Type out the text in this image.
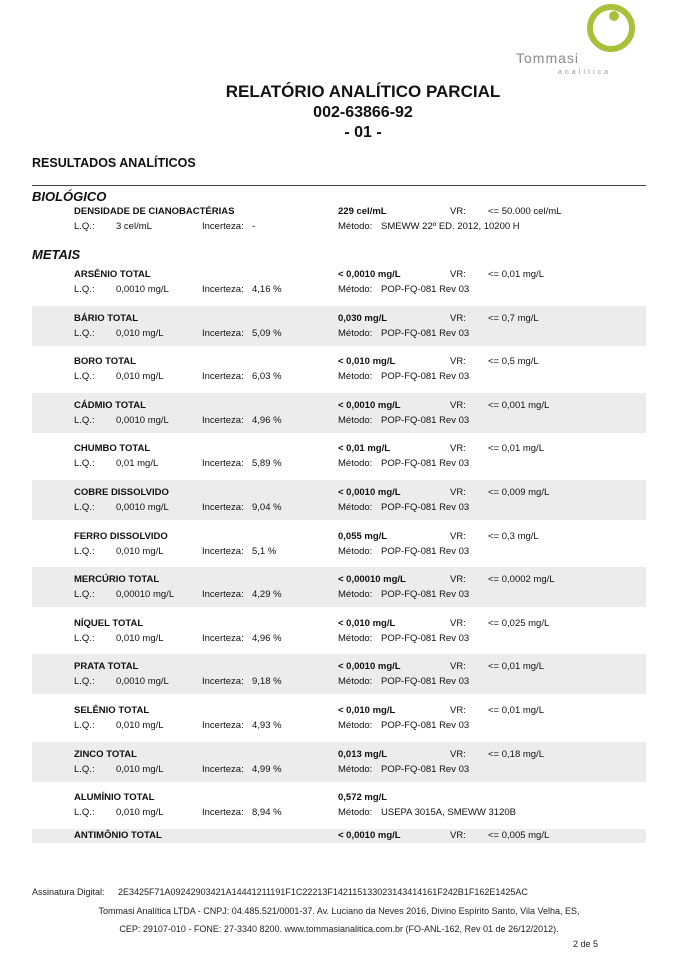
Tommasi
analítica
RELATÓRIO ANALÍTICO PARCIAL
002-63866-92
- 01 -
RESULTADOS ANALÍTICOS
BIOLÓGICO
DENSIDADE DE CIANOBACTÉRIAS	229 cel/mL	VR: <= 50.000 cel/mL
L.Q.: 3 cel/mL	Incerteza: -	Método: SMEWW 22º ED. 2012, 10200 H
METAIS
ARSÊNIO TOTAL	< 0,0010 mg/L	VR: <= 0,01 mg/L
L.Q.: 0,0010 mg/L	Incerteza: 4,16 %	Método: POP-FQ-081 Rev 03
BÁRIO TOTAL	0,030 mg/L	VR: <= 0,7 mg/L
L.Q.: 0,010 mg/L	Incerteza: 5,09 %	Método: POP-FQ-081 Rev 03
BORO TOTAL	< 0,010 mg/L	VR: <= 0,5 mg/L
L.Q.: 0,010 mg/L	Incerteza: 6,03 %	Método: POP-FQ-081 Rev 03
CÁDMIO TOTAL	< 0,0010 mg/L	VR: <= 0,001 mg/L
L.Q.: 0,0010 mg/L	Incerteza: 4,96 %	Método: POP-FQ-081 Rev 03
CHUMBO TOTAL	< 0,01 mg/L	VR: <= 0,01 mg/L
L.Q.: 0,01 mg/L	Incerteza: 5,89 %	Método: POP-FQ-081 Rev 03
COBRE DISSOLVIDO	< 0,0010 mg/L	VR: <= 0,009 mg/L
L.Q.: 0,0010 mg/L	Incerteza: 9,04 %	Método: POP-FQ-081 Rev 03
FERRO DISSOLVIDO	0,055 mg/L	VR: <= 0,3 mg/L
L.Q.: 0,010 mg/L	Incerteza: 5,1 %	Método: POP-FQ-081 Rev 03
MERCÚRIO TOTAL	< 0,00010 mg/L	VR: <= 0,0002 mg/L
L.Q.: 0,00010 mg/L	Incerteza: 4,29 %	Método: POP-FQ-081 Rev 03
NÍQUEL TOTAL	< 0,010 mg/L	VR: <= 0,025 mg/L
L.Q.: 0,010 mg/L	Incerteza: 4,96 %	Método: POP-FQ-081 Rev 03
PRATA TOTAL	< 0,0010 mg/L	VR: <= 0,01 mg/L
L.Q.: 0,0010 mg/L	Incerteza: 9,18 %	Método: POP-FQ-081 Rev 03
SELÊNIO TOTAL	< 0,010 mg/L	VR: <= 0,01 mg/L
L.Q.: 0,010 mg/L	Incerteza: 4,93 %	Método: POP-FQ-081 Rev 03
ZINCO TOTAL	0,013 mg/L	VR: <= 0,18 mg/L
L.Q.: 0,010 mg/L	Incerteza: 4,99 %	Método: POP-FQ-081 Rev 03
ALUMÍNIO TOTAL	0,572 mg/L
L.Q.: 0,010 mg/L	Incerteza: 8,94 %	Método: USEPA 3015A, SMEWW 3120B
ANTIMÔNIO TOTAL	< 0,0010 mg/L	VR: <= 0,005 mg/L
Assinatura Digital: 2E3425F71A09242903421A14441211191F1C22213F142115133023143414161F242B1F162E1425AC
Tommasi Analítica LTDA - CNPJ: 04.485.521/0001-37. Av. Luciano da Neves 2016, Divino Espírito Santo, Vila Velha, ES,
CEP: 29107-010 - FONE: 27-3340 8200. www.tommasianalitica.com.br (FO-ANL-162, Rev 01 de 26/12/2012).
2 de 5
